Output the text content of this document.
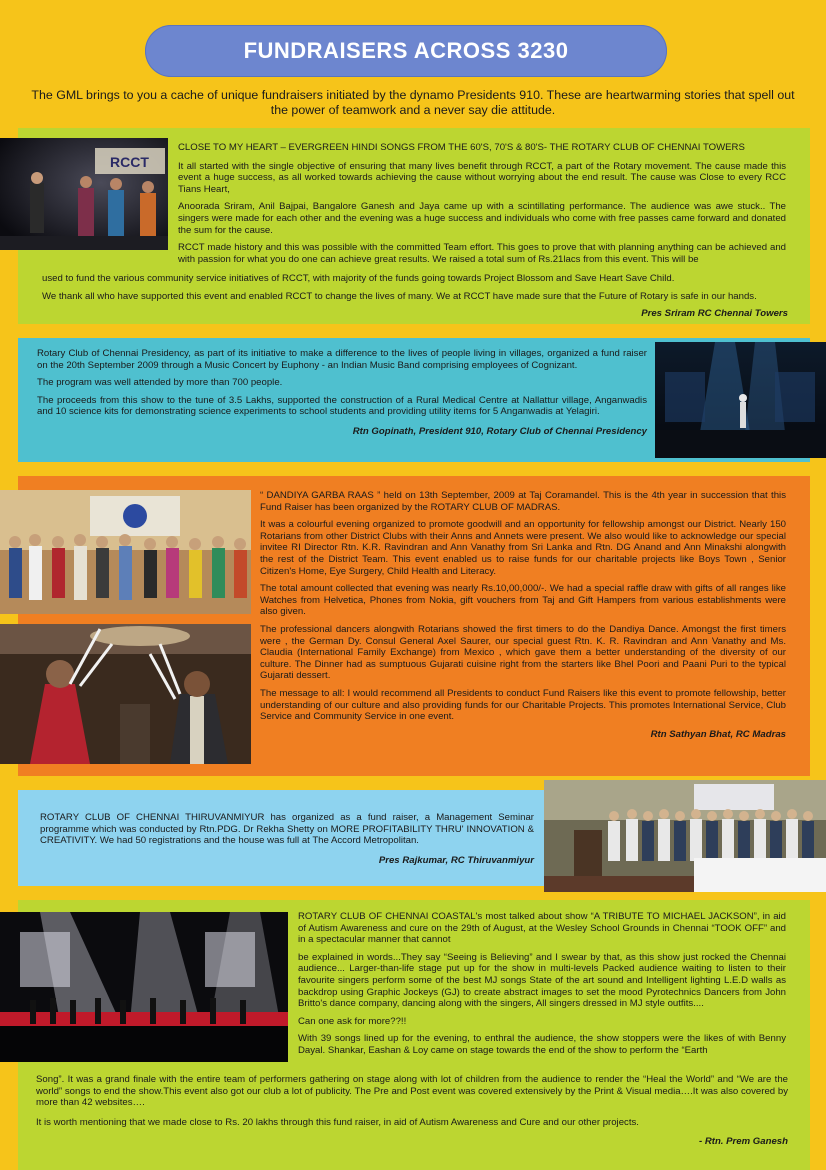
FUNDRAISERS ACROSS 3230
The GML brings to you a cache of unique fundraisers initiated by the dynamo Presidents 910. These are heartwarming stories that spell out the power of teamwork and a never say die attitude.
RCCT

CLOSE TO MY HEART – EVERGREEN HINDI SONGS FROM THE 60'S, 70'S & 80'S- THE ROTARY CLUB OF CHENNAI TOWERS

It all started with the single objective of ensuring that many lives benefit through RCCT, a part of the Rotary movement. The cause made this event a huge success, as all worked towards achieving the cause without worrying about the end result. The cause was Close to every RCC Tians Heart,

Anoorada Sriram, Anil Bajpai, Bangalore Ganesh and Jaya came up with a scintillating performance. The audience was awe stuck.. The singers were made for each other and the evening was a huge success and individuals who come with free passes came forward and donated the sum for the cause.

RCCT made history and this was possible with the committed Team effort. This goes to prove that with planning anything can be achieved and with passion for what you do one can achieve great results. We raised a total sum of Rs.21lacs from this event. This will be

used to fund the various community service initiatives of RCCT, with majority of the funds going towards Project Blossom and Save Heart Save Child.

We thank all who have supported this event and enabled RCCT to change the lives of many. We at RCCT have made sure that the Future of Rotary is safe in our hands.

Pres Sriram RC Chennai Towers

Rotary Club of Chennai Presidency, as part of its initiative to make a difference to the lives of people living in villages, organized a fund raiser on the 20th September 2009 through a Music Concert by Euphony - an Indian Music Band comprising employees of Cognizant.

The program was well attended by more than 700 people.

The proceeds from this show to the tune of 3.5 Lakhs, supported the construction of a Rural Medical Centre at Nallattur village, Anganwadis and 10 science kits for demonstrating science experiments to school students and providing utility items for 5 Anganwadis at Yelagiri.

Rtn Gopinath, President 910, Rotary Club of Chennai Presidency

“ DANDIYA GARBA RAAS ” held on 13th September, 2009 at Taj Coramandel. This is the 4th year in succession that this Fund Raiser has been organized by the ROTARY CLUB OF MADRAS.

It was a colourful evening organized to promote goodwill and an opportunity for fellowship amongst our District. Nearly 150 Rotarians from other District Clubs with their Anns and Annets were present. We also would like to acknowledge our special invitee RI Director Rtn. K.R. Ravindran and Ann Vanathy from Sri Lanka and Rtn. DG Anand and Ann Minakshi alongwith the rest of the District Team. This event enabled us to raise funds for our charitable projects like Boys Town , Senior Citizen's Home, Eye Surgery, Child Health and Literacy.

The total amount collected that evening was nearly Rs.10,00,000/-. We had a special raffle draw with gifts of all ranges like Watches from Helvetica, Phones from Nokia, gift vouchers from Taj and Gift Hampers from various establishments were also given.

The professional dancers alongwith Rotarians showed the first timers to do the Dandiya Dance. Amongst the first timers were , the German Dy. Consul General Axel Saurer, our special guest Rtn. K. R. Ravindran and Ann Vanathy and Ms. Claudia (International Family Exchange) from Mexico , which gave them a better understanding of the diversity of our culture. The Dinner had as sumptuous Gujarati cuisine right from the starters like Bhel Poori and Paani Puri to the typical Gujarati dessert.

The message to all: I would recommend all Presidents to conduct Fund Raisers like this event to promote fellowship, better understanding of our culture and also providing funds for our Charitable Projects. This promotes International Service, Club Service and Community Service in one event.

Rtn Sathyan Bhat, RC Madras

ROTARY CLUB OF CHENNAI THIRUVANMIYUR has organized as a fund raiser, a Management Seminar programme which was conducted by Rtn.PDG. Dr Rekha Shetty on MORE PROFITABILITY THRU' INNOVATION & CREATIVITY. We had 50 registrations and the house was full at The Accord Metropolitan.

Pres Rajkumar, RC Thiruvanmiyur

ROTARY CLUB OF CHENNAI COASTAL's most talked about show “A TRIBUTE TO MICHAEL JACKSON”, in aid of Autism Awareness and cure on the 29th of August, at the Wesley School Grounds in Chennai “TOOK OFF” and in a spectacular manner that cannot

be explained in words...They say “Seeing is Believing” and I swear by that, as this show just rocked the Chennai audience... Larger-than-life stage put up for the show in multi-levels Packed audience waiting to listen to their favourite singers perform some of the best MJ songs State of the art sound and Intelligent lighting L.E.D walls as backdrop using Graphic Jockeys (GJ) to create abstract images to set the mood Pyrotechnics Dancers from John Britto's dance company, dancing along with the singers, All singers dressed in MJ style outfits....

Can one ask for more??!!

With 39 songs lined up for the evening, to enthral the audience, the show stoppers were the likes of with Benny Dayal. Shankar, Eashan & Loy came on stage towards the end of the show to perform the “Earth

Song”. It was a grand finale with the entire team of performers gathering on stage along with lot of children from the audience to render the “Heal the World” and “We are the world” songs to end the show.This event also got our club a lot of publicity. The Pre and Post event was covered extensively by the Print & Visual media….It was also covered by more than 42 websites….

It is worth mentioning that we made close to Rs. 20 lakhs through this fund raiser, in aid of Autism Awareness and Cure and our other projects.

- Rtn. Prem Ganesh
